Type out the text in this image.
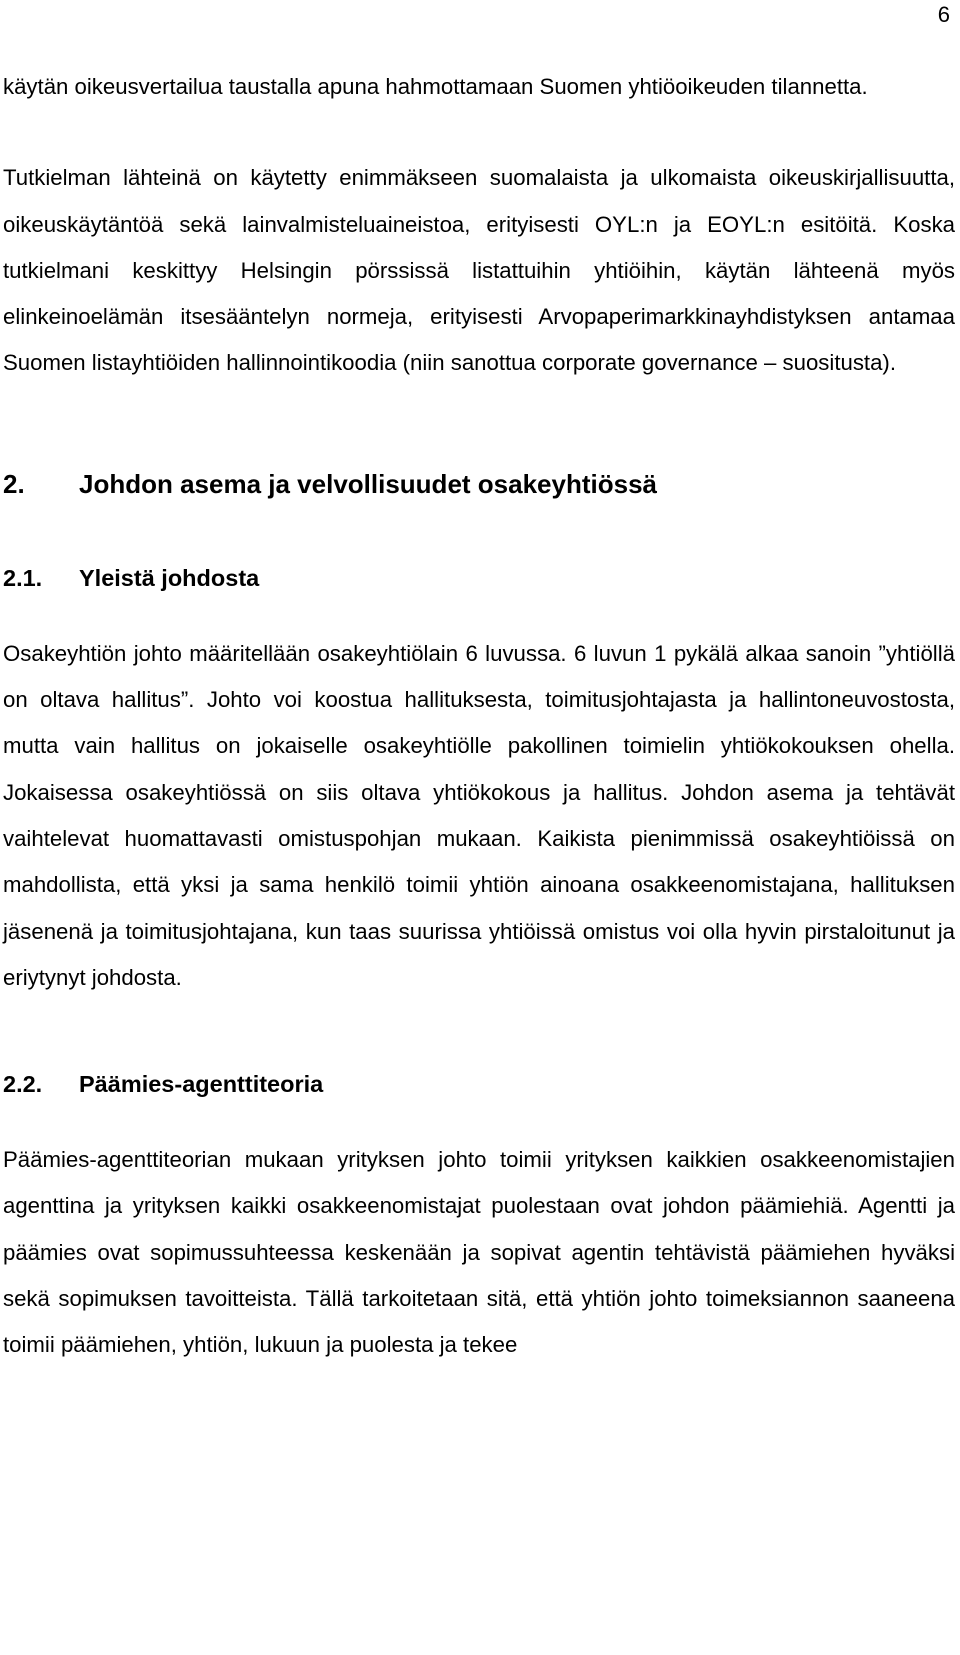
6

käytän oikeusvertailua taustalla apuna hahmottamaan Suomen yhtiöoikeuden tilannetta.

Tutkielman lähteinä on käytetty enimmäkseen suomalaista ja ulkomaista oikeuskirjallisuutta, oikeuskäytäntöä sekä lainvalmisteluaineistoa, erityisesti OYL:n ja EOYL:n esitöitä. Koska tutkielmani keskittyy Helsingin pörssissä listattuihin yhtiöihin, käytän lähteenä myös elinkeinoelämän itsesääntelyn normeja, erityisesti Arvopaperimarkkinayhdistyksen antamaa Suomen listayhtiöiden hallinnointikoodia (niin sanottua corporate governance – suositusta).

2.	Johdon asema ja velvollisuudet osakeyhtiössä
2.1.	Yleistä johdosta

Osakeyhtiön johto määritellään osakeyhtiölain 6 luvussa. 6 luvun 1 pykälä alkaa sanoin ”yhtiöllä on oltava hallitus”. Johto voi koostua hallituksesta, toimitusjohtajasta ja hallintoneuvostosta, mutta vain hallitus on jokaiselle osakeyhtiölle pakollinen toimielin yhtiökokouksen ohella. Jokaisessa osakeyhtiössä on siis oltava yhtiökokous ja hallitus. Johdon asema ja tehtävät vaihtelevat huomattavasti omistuspohjan mukaan. Kaikista pienimmissä osakeyhtiöissä on mahdollista, että yksi ja sama henkilö toimii yhtiön ainoana osakkeenomistajana, hallituksen jäsenenä ja toimitusjohtajana, kun taas suurissa yhtiöissä omistus voi olla hyvin pirstaloitunut ja eriytynyt johdosta.

2.2.	Päämies-agenttiteoria

Päämies-agenttiteorian mukaan yrityksen johto toimii yrityksen kaikkien osakkeenomistajien agenttina ja yrityksen kaikki osakkeenomistajat puolestaan ovat johdon päämiehiä. Agentti ja päämies ovat sopimussuhteessa keskenään ja sopivat agentin tehtävistä päämiehen hyväksi sekä sopimuksen tavoitteista. Tällä tarkoitetaan sitä, että yhtiön johto toimeksiannon saaneena toimii päämiehen, yhtiön, lukuun ja puolesta ja tekee
